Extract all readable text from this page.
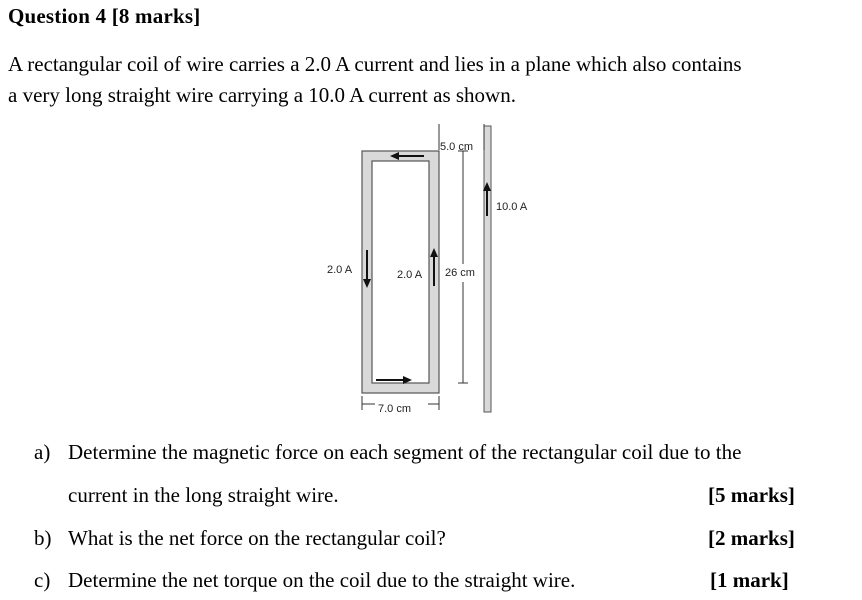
Question 4 [8 marks]

A rectangular coil of wire carries a 2.0 A current and lies in a plane which also contains

a very long straight wire carrying a 10.0 A current as shown.

5.0 cm
26 cm
7.0 cm
2.0 A	2.0 A
10.0 A
a) Determine the magnetic force on each segment of the rectangular coil due to the
current in the long straight wire.	[5 marks]
b) What is the net force on the rectangular coil?	[2 marks]
c) Determine the net torque on the coil due to the straight wire.	[1 mark]
